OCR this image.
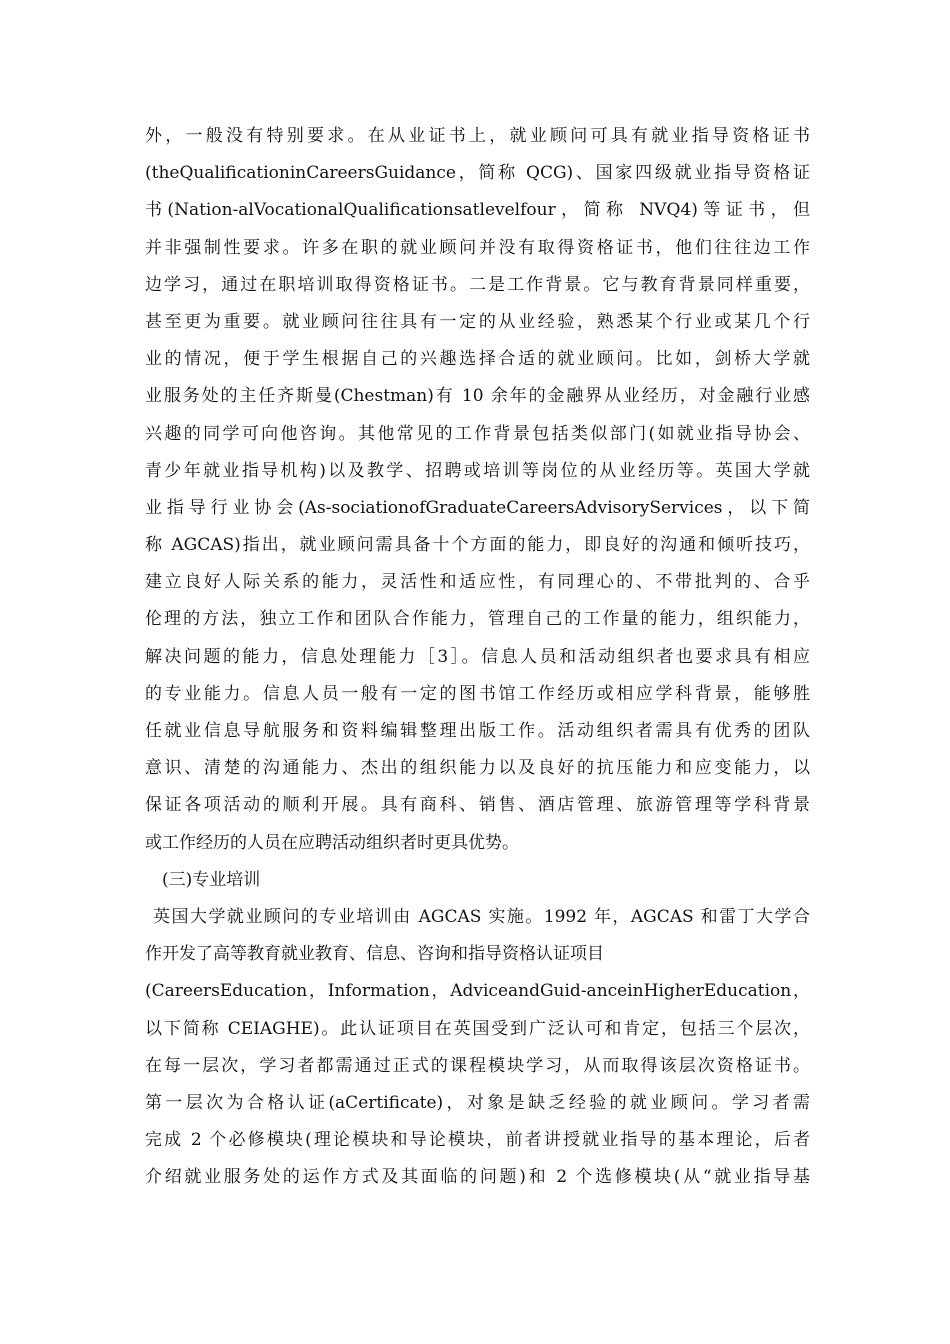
外，一般没有特别要求。在从业证书上，就业顾问可具有就业指导资格证书
(theQualificationinCareersGuidance，简称 QCG)、国家四级就业指导资格证
书(Nation-alVocationalQualificationsatlevelfour，简称 NVQ4)等证书，但
并非强制性要求。许多在职的就业顾问并没有取得资格证书，他们往往边工作
边学习，通过在职培训取得资格证书。二是工作背景。它与教育背景同样重要，
甚至更为重要。就业顾问往往具有一定的从业经验，熟悉某个行业或某几个行
业的情况，便于学生根据自己的兴趣选择合适的就业顾问。比如，剑桥大学就
业服务处的主任齐斯曼(Chestman)有 10 余年的金融界从业经历，对金融行业感
兴趣的同学可向他咨询。其他常见的工作背景包括类似部门(如就业指导协会、
青少年就业指导机构)以及教学、招聘或培训等岗位的从业经历等。英国大学就
业指导行业协会(As-sociationofGraduateCareersAdvisoryServices，以下简
称 AGCAS)指出，就业顾问需具备十个方面的能力，即良好的沟通和倾听技巧，
建立良好人际关系的能力，灵活性和适应性，有同理心的、不带批判的、合乎
伦理的方法，独立工作和团队合作能力，管理自己的工作量的能力，组织能力，
解决问题的能力，信息处理能力［3］。信息人员和活动组织者也要求具有相应
的专业能力。信息人员一般有一定的图书馆工作经历或相应学科背景，能够胜
任就业信息导航服务和资料编辑整理出版工作。活动组织者需具有优秀的团队
意识、清楚的沟通能力、杰出的组织能力以及良好的抗压能力和应变能力，以
保证各项活动的顺利开展。具有商科、销售、酒店管理、旅游管理等学科背景
或工作经历的人员在应聘活动组织者时更具优势。
(三)专业培训
英国大学就业顾问的专业培训由 AGCAS 实施。1992 年，AGCAS 和雷丁大学合
作开发了高等教育就业教育、信息、咨询和指导资格认证项目
(CareersEducation，Information，AdviceandGuid-anceinHigherEducation，
以下简称 CEIAGHE)。此认证项目在英国受到广泛认可和肯定，包括三个层次，
在每一层次，学习者都需通过正式的课程模块学习，从而取得该层次资格证书。
第一层次为合格认证(aCertificate)，对象是缺乏经验的就业顾问。学习者需
完成 2 个必修模块(理论模块和导论模块，前者讲授就业指导的基本理论，后者
介绍就业服务处的运作方式及其面临的问题)和 2 个选修模块(从“就业指导基
